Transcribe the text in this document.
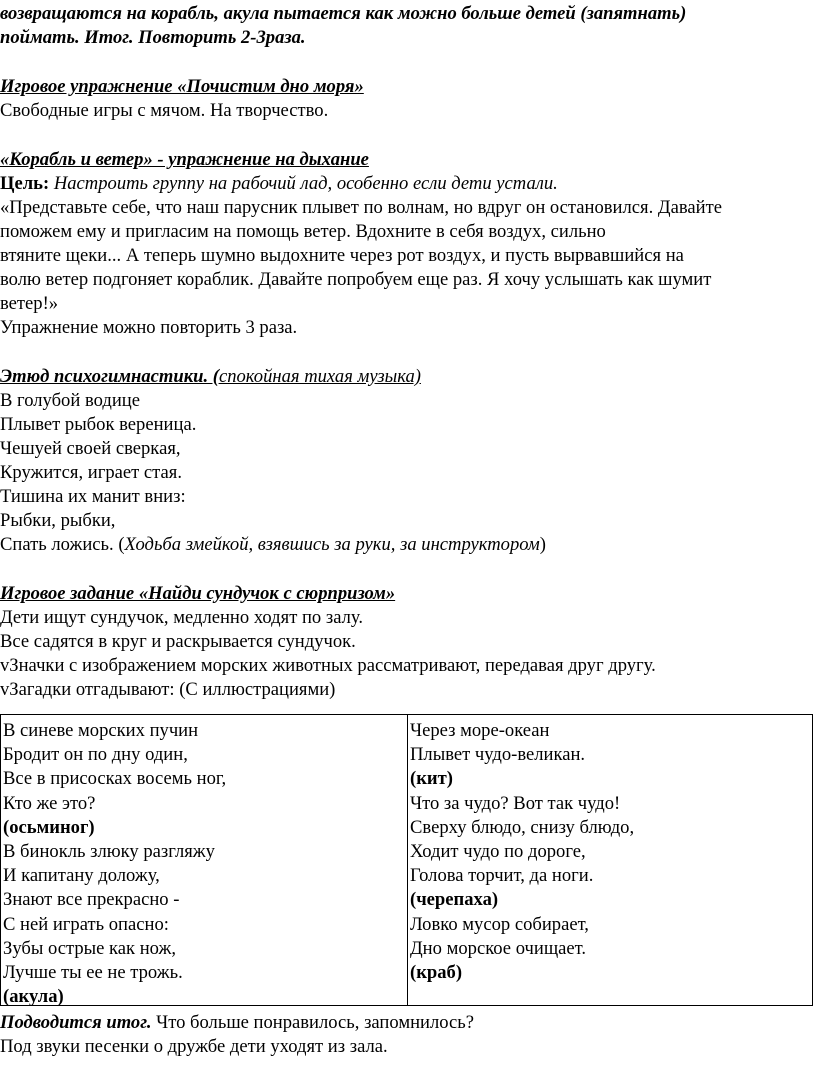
возвращаются на корабль, акула пытается как можно больше детей (запятнать)
поймать. Итог. Повторить 2-3раза.
Игровое упражнение «Почистим дно моря»
Свободные игры с мячом. На творчество.
«Корабль и ветер» - упражнение на дыхание
Цель: Настроить группу на рабочий лад, особенно если дети устали.
«Представьте себе, что наш парусник плывет по волнам, но вдруг он остановился. Давайте
поможем ему и пригласим на помощь ветер. Вдохните в себя воздух, сильно
втяните щеки... А теперь шумно выдохните через рот воздух, и пусть вырвавшийся на
волю ветер подгоняет кораблик. Давайте попробуем еще раз. Я хочу услышать как шумит
ветер!»
Упражнение можно повторить 3 раза.
Этюд психогимнастики. (спокойная тихая музыка)
В голубой водице
Плывет рыбок вереница.
Чешуей своей сверкая,
Кружится, играет стая.
Тишина их манит вниз:
Рыбки, рыбки,
Спать ложись. (Ходьба змейкой, взявшись за руки, за инструктором)
Игровое задание «Найди сундучок с сюрпризом»
Дети ищут сундучок, медленно ходят по залу.
Все садятся в круг и раскрывается сундучок.
vЗначки с изображением морских животных рассматривают, передавая друг другу.
vЗагадки отгадывают: (С иллюстрациями)
В синеве морских пучин
Бродит он по дну один,
Все в присосках восемь ног,
Кто же это?
(осьминог)
В бинокль злюку разгляжу
И капитану доложу,
Знают все прекрасно -
С ней играть опасно:
Зубы острые как нож,
Лучше ты ее не трожь.
(акула)
Через море-океан
Плывет чудо-великан.
(кит)
Что за чудо? Вот так чудо!
Сверху блюдо, снизу блюдо,
Ходит чудо по дороге,
Голова торчит, да ноги.
(черепаха)
Ловко мусор собирает,
Дно морское очищает.
(краб)
Подводится итог. Что больше понравилось, запомнилось?
Под звуки песенки о дружбе дети уходят из зала.
